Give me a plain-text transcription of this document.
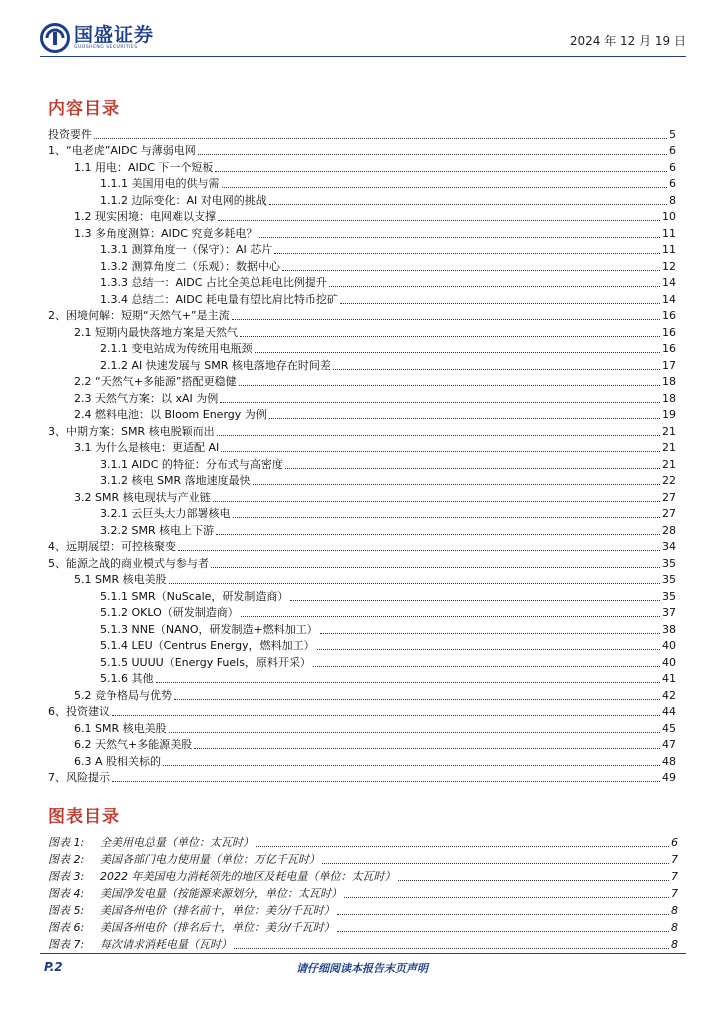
国盛证券
GUOSHENG SECURITIES	2024 年 12 月 19 日
内容目录
投资要件	5
1、“电老虎”AIDC 与薄弱电网	6
1.1 用电：AIDC 下一个短板	6
1.1.1 美国用电的供与需	6
1.1.2 边际变化：AI 对电网的挑战	8
1.2 现实困境：电网难以支撑	10
1.3 多角度测算：AIDC 究竟多耗电？	11
1.3.1 测算角度一（保守）：AI 芯片	11
1.3.2 测算角度二（乐观）：数据中心	12
1.3.3 总结一：AIDC 占比全美总耗电比例提升	14
1.3.4 总结二：AIDC 耗电量有望比肩比特币挖矿	14
2、困境何解：短期“天然气+”是主流	16
2.1 短期内最快落地方案是天然气	16
2.1.1 变电站成为传统用电瓶颈	16
2.1.2 AI 快速发展与 SMR 核电落地存在时间差	17
2.2 “天然气+多能源”搭配更稳健	18
2.3 天然气方案：以 xAI 为例	18
2.4 燃料电池：以 Bloom Energy 为例	19
3、中期方案：SMR 核电脱颖而出	21
3.1 为什么是核电：更适配 AI	21
3.1.1 AIDC 的特征：分布式与高密度	21
3.1.2 核电 SMR 落地速度最快	22
3.2 SMR 核电现状与产业链	27
3.2.1 云巨头大力部署核电	27
3.2.2 SMR 核电上下游	28
4、远期展望：可控核聚变	34
5、能源之战的商业模式与参与者	35
5.1 SMR 核电美股	35
5.1.1 SMR（NuScale，研发制造商）	35
5.1.2 OKLO（研发制造商）	37
5.1.3 NNE（NANO，研发制造+燃料加工）	38
5.1.4 LEU（Centrus Energy，燃料加工）	40
5.1.5 UUUU（Energy Fuels，原料开采）	40
5.1.6 其他	41
5.2 竞争格局与优势	42
6、投资建议	44
6.1 SMR 核电美股	45
6.2 天然气+多能源美股	47
6.3 A 股相关标的	48
7、风险提示	49
图表目录
图表 1:	全美用电总量（单位：太瓦时）	6
图表 2:	美国各部门电力使用量（单位：万亿千瓦时）	7
图表 3:	2022 年美国电力消耗领先的地区及耗电量（单位：太瓦时）	7
图表 4:	美国净发电量（按能源来源划分，单位：太瓦时）	7
图表 5:	美国各州电价（排名前十，单位：美分/千瓦时）	8
图表 6:	美国各州电价（排名后十，单位：美分/千瓦时）	8
图表 7:	每次请求消耗电量（瓦时）	8
请仔细阅读本报告末页声明
P.2
